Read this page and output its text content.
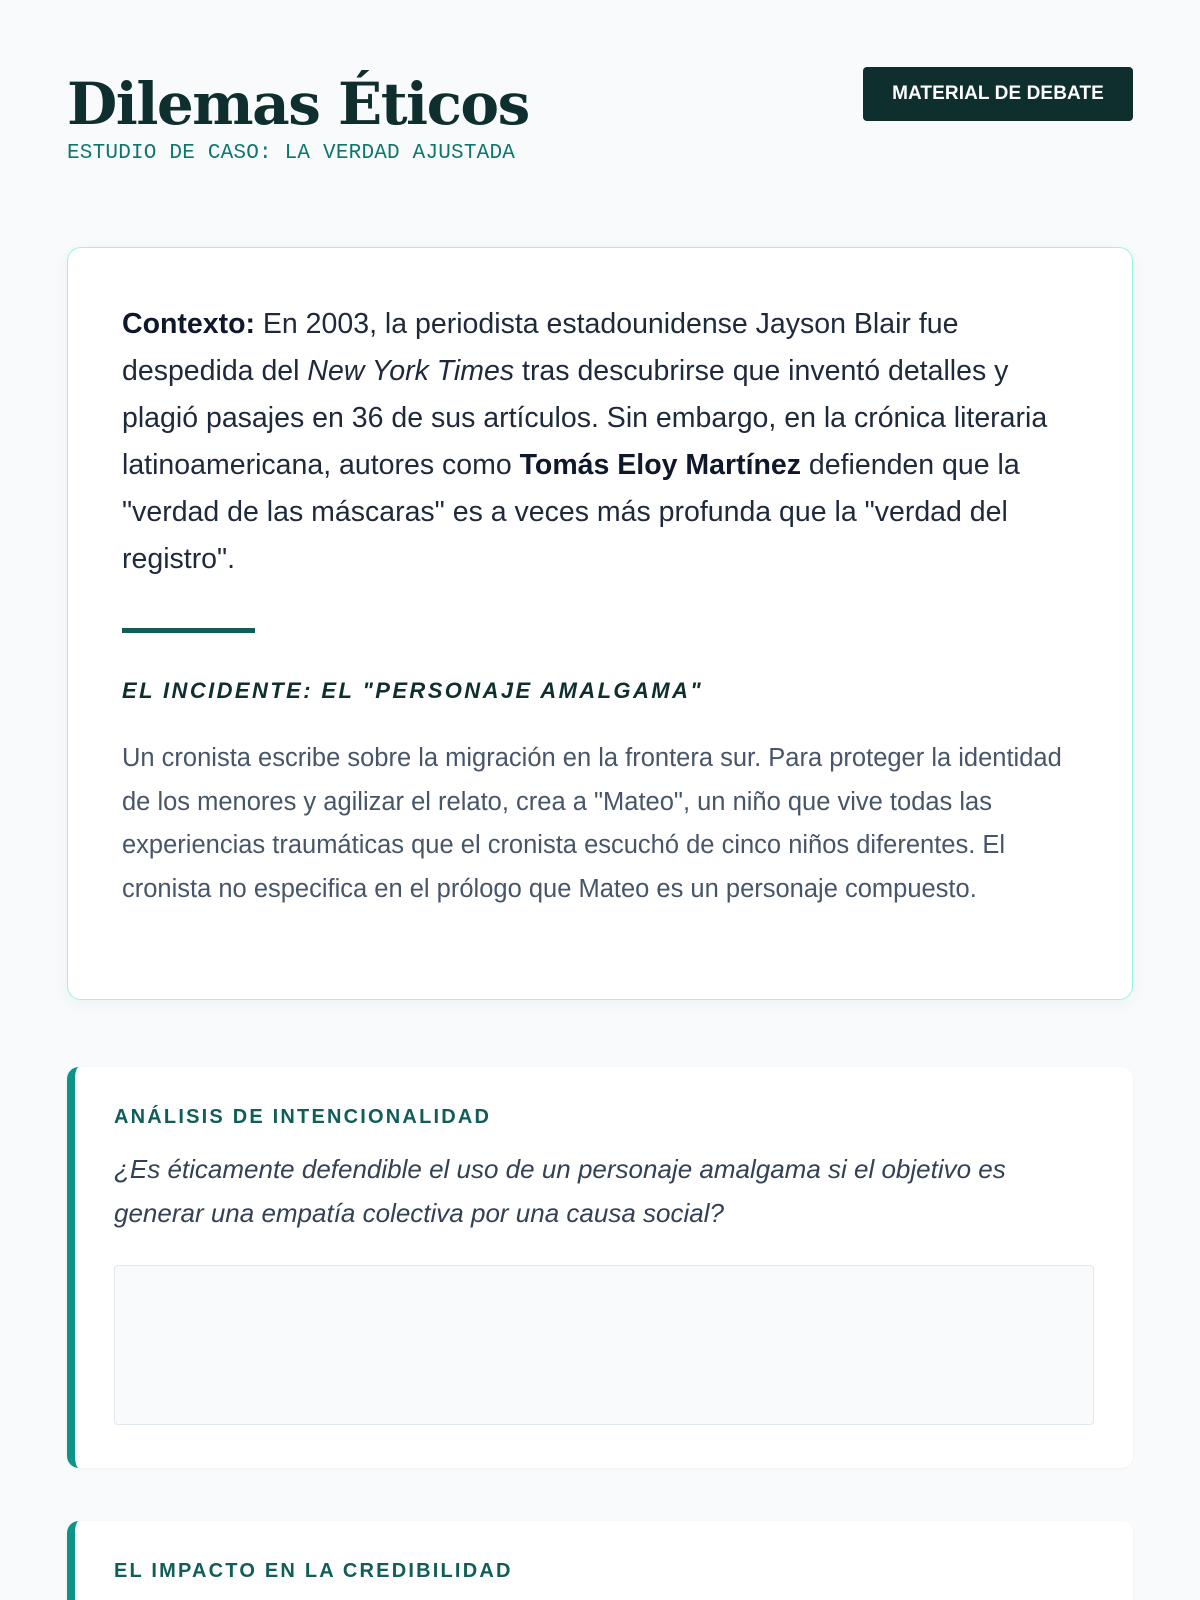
Dilemas Éticos
ESTUDIO DE CASO: LA VERDAD AJUSTADA
MATERIAL DE DEBATE

Contexto: En 2003, la periodista estadounidense Jayson Blair fue despedida del New York Times tras descubrirse que inventó detalles y plagió pasajes en 36 de sus artículos. Sin embargo, en la crónica literaria latinoamericana, autores como Tomás Eloy Martínez defienden que la "verdad de las máscaras" es a veces más profunda que la "verdad del registro".

EL INCIDENTE: EL "PERSONAJE AMALGAMA"

Un cronista escribe sobre la migración en la frontera sur. Para proteger la identidad de los menores y agilizar el relato, crea a "Mateo", un niño que vive todas las experiencias traumáticas que el cronista escuchó de cinco niños diferentes. El cronista no especifica en el prólogo que Mateo es un personaje compuesto.

ANÁLISIS DE INTENCIONALIDAD

¿Es éticamente defendible el uso de un personaje amalgama si el objetivo es generar una empatía colectiva por una causa social?

EL IMPACTO EN LA CREDIBILIDAD
